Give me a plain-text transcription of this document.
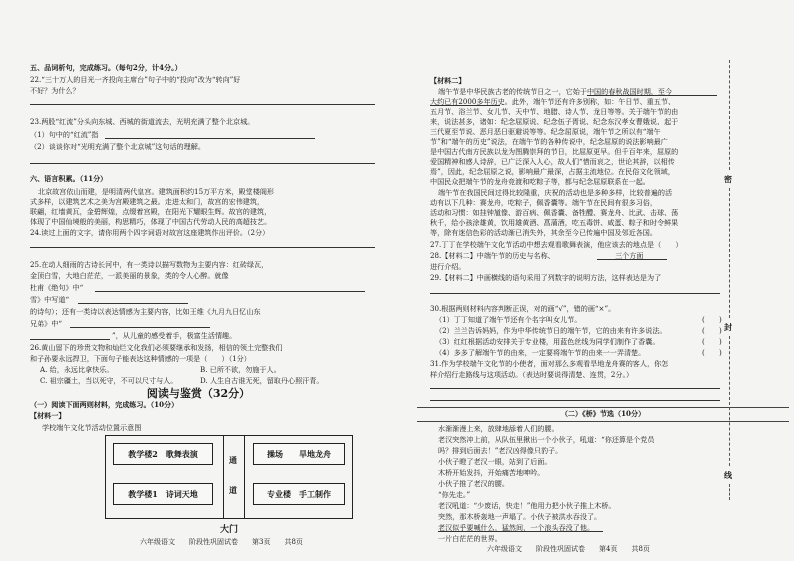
五、品词析句，完成练习。（每句2分，计4分。）
22.“三十万人的目光一齐投向主席台”句子中的“投向”改为“转向”好
不好？为什么？
23.两股“红流”分头向东城、西城的街道流去，光明充满了整个北京城。
（1）句中的“红流”指
（2）谈谈你对“光明充满了整个北京城”这句话的理解。
六、语言积累。（11分）
北京故宫依山而建，是明清两代皇宫。建筑面积约15万平方米，殿堂楼阁形
式多样，以建筑艺术之美为宫殿建筑之最。走进太和门，故宫的宏伟建筑，
联翩，红墙黄瓦，金碧辉煌，点缀着宫殿，在阳光下耀眼生辉。故宫的建筑，
体现了中国仙境般的美丽，构思精巧，体现了中国古代劳动人民的高超技艺。
24.读过上面的文字，请你用两个四字词语对故宫这座建筑作出评价。（2分）
25.在动人细雨的古诗长河中，有一类诗以描写数物为主要内容：红砖绿瓦，
金顶白雪，大地白茫茫，一派美丽的景象，类的令人心醉。就像
杜甫《绝句》中“
雪》中写道“
的诗句）；还有一类诗以表达情感为主要内容，比如王维《九月九日忆山东
兄弟》中“
”，从儿童的感受着手，极富生活情趣。
26.黄山留下的珍贵文物和灿烂文化我们必须要继承和发扬，相信的领土完整我们
和子孙要永远捍卫，下面句子能表达这种情感的一项是（　　）（1分）
A. 给，永远比拿快乐。	B. 已所不欲，勿施于人。
C. 祖宗疆土，当以死守，不可以尺寸与人。	D. 人生自古谁无死，留取丹心照汗青。
阅读与鉴赏（32分）
（一）阅读下面两则材料，完成练习。（10分）
【材料一】
学校端午文化节活动位置示意图
教学楼2　歌舞表演
教学楼1　诗词天地
通
道
操场　　旱地龙舟
专业楼　手工制作
大门
六年级语文　　阶段性巩固试卷　　第3页　　共8页
【材料二】
端午节是中华民族古老的传统节日之一，它始于中国的春秋战国时期，至今
大约已有2000多年历史。此外，端午节还有许多别称，如：午日节、重五节、
五月节、浴兰节、女儿节、天中节、地腊、诗人节、龙日等等。关于端午节的由
来，说法甚多，诸如：纪念屈原说、纪念伍子胥说、纪念东汉孝女曹娥说、起于
三代夏至节说、恶月恶日驱避说等等。纪念屈原说，端午节之所以有“端午
节”和“端午的历史”说法，在端午节的各种传说中，纪念屈原的说法影响最广
是中国古代南方民族以龙为图腾崇拜的节日，比屈原更早。但千百年来，屈原的
爱国精神和感人诗辞，已广泛深入人心，故人们“惜而哀之，世论其辞，以相传
焉”，因此，纪念屈原之说，影响最广最深，占据主流地位。在民俗文化领域，
中国民众把端午节的龙舟竞渡和吃粽子等，都与纪念屈原联系在一起。
端午节在我国民间过得比较隆重，庆祝的活动也是多种多样，比较普遍的活
动有以下几种：赛龙舟，吃粽子，佩香囊等。端午节在民间有很多习俗，
活动和习惯：如挂钟馗像、游百病、佩香囊、备牲醴、赛龙舟、比武、击球、荡
秋千，给小孩涂雄黄，饮用雄黄酒、菖蒲酒，吃五毒饼、咸蛋、粽子和时令鲜果
等，除有迷信色彩的活动渐已消失外，其余至今已传遍中国及邻近各国。
27.丁丁在学校端午文化节活动中想去观看歌舞表演，他应该去的地点是（　　）
28.【材料二】中端午节的历史与名称、　　　　　　　　　三个方面
进行介绍。
29.【材料二】中画横线的语句采用了列数字的说明方法，这样表达是为了
30.根据两则材料内容判断正误，对的画“√”，错的画“×”。
（1）丁丁知道了端午节还有个名字叫女儿节。	(　　)
（2）兰兰告诉妈妈，作为中华传统节日的端午节，它的由来有许多说法。	(　　)
（3）红红根据活动安排关于专业楼，用蓝色丝线为同学们制作了香囊。	(　　)
（4）多多了解端午节的由来，一定要将端午节的由来一一弄清楚。	(　　)
31.作为学校端午文化节的小使者，面对那么多观看旱地龙舟赛的客人，你怎
样介绍行走路线与这项活动。（表达时要说得清楚、连贯，2分。）
（二）《桥》节选（10分）
水渐渐漫上来，放肆地舔着人们的腰。
老汉突然冲上前，从队伍里揪出一个小伙子，吼道：“你还算是个党员
吗？排到后面去！”老汉凶得像只豹子。
小伙子瞪了老汉一眼，站到了后面。
木桥开始发抖，开始痛苦地呻吟。
小伙子推了老汉的腰。
“你先走。”
老汉吼道：“少废话，快走！”他用力把小伙子推上木桥。
突然，那木桥轰地一声塌了。小伙子被洪水吞没了。
老汉似乎要喊什么，猛然间，一个浪头吞没了他。
一片白茫茫的世界。
六年级语文　　阶段性巩固试卷　　第4页　　共8页
密
封
线
